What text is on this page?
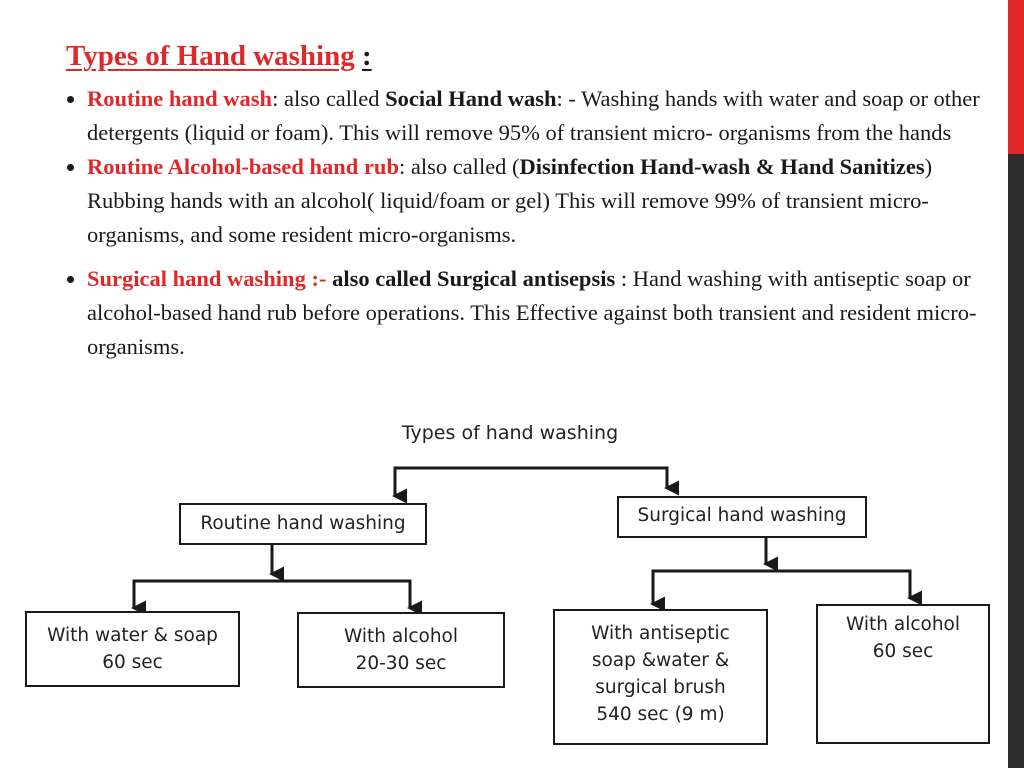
Types of Hand washing :
Routine hand wash: also called Social Hand wash: - Washing hands with water and soap or other detergents (liquid or foam). This will remove 95% of transient micro- organisms from the hands
Routine Alcohol-based hand rub: also called (Disinfection Hand-wash & Hand Sanitizes) Rubbing hands with an alcohol( liquid/foam or gel) This will remove 99% of transient micro-organisms, and some resident micro-organisms.
Surgical hand washing :- also called Surgical antisepsis : Hand washing with antiseptic soap or alcohol-based hand rub before operations. This Effective against both transient and resident micro-organisms.
Types of hand washing
Routine hand washing	Surgical hand washing
With water & soap
60 sec
With alcohol
20-30 sec
With antiseptic
soap &water &
surgical brush
540 sec (9 m)
With alcohol
60 sec
